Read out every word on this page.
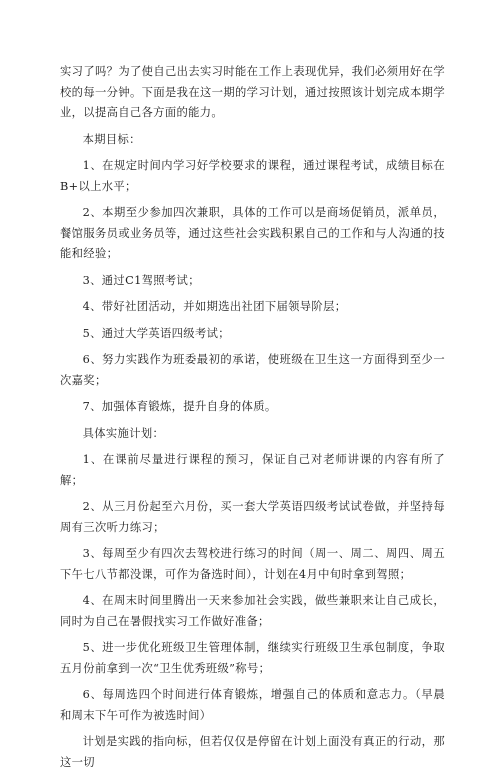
实习了吗？为了使自己出去实习时能在工作上表现优异，我们必须用好在学校的每一分钟。下面是我在这一期的学习计划，通过按照该计划完成本期学业，以提高自己各方面的能力。

本期目标：

1、在规定时间内学习好学校要求的课程，通过课程考试，成绩目标在B+以上水平；

2、本期至少参加四次兼职，具体的工作可以是商场促销员，派单员，餐馆服务员或业务员等，通过这些社会实践积累自己的工作和与人沟通的技能和经验；

3、通过C1驾照考试；

4、带好社团活动，并如期选出社团下届领导阶层；

5、通过大学英语四级考试；

6、努力实践作为班委最初的承诺，使班级在卫生这一方面得到至少一次嘉奖；

7、加强体育锻炼，提升自身的体质。

具体实施计划：

1、在课前尽量进行课程的预习，保证自己对老师讲课的内容有所了解；

2、从三月份起至六月份，买一套大学英语四级考试试卷做，并坚持每周有三次听力练习；

3、每周至少有四次去驾校进行练习的时间（周一、周二、周四、周五下午七八节都没课，可作为备选时间），计划在4月中旬时拿到驾照；

4、在周末时间里腾出一天来参加社会实践，做些兼职来让自己成长，同时为自己在暑假找实习工作做好准备；

5、进一步优化班级卫生管理体制，继续实行班级卫生承包制度，争取五月份前拿到一次“卫生优秀班级”称号；

6、每周选四个时间进行体育锻炼，增强自己的体质和意志力。（早晨和周末下午可作为被选时间）

计划是实践的指向标，但若仅仅是停留在计划上面没有真正的行动，那这一切
